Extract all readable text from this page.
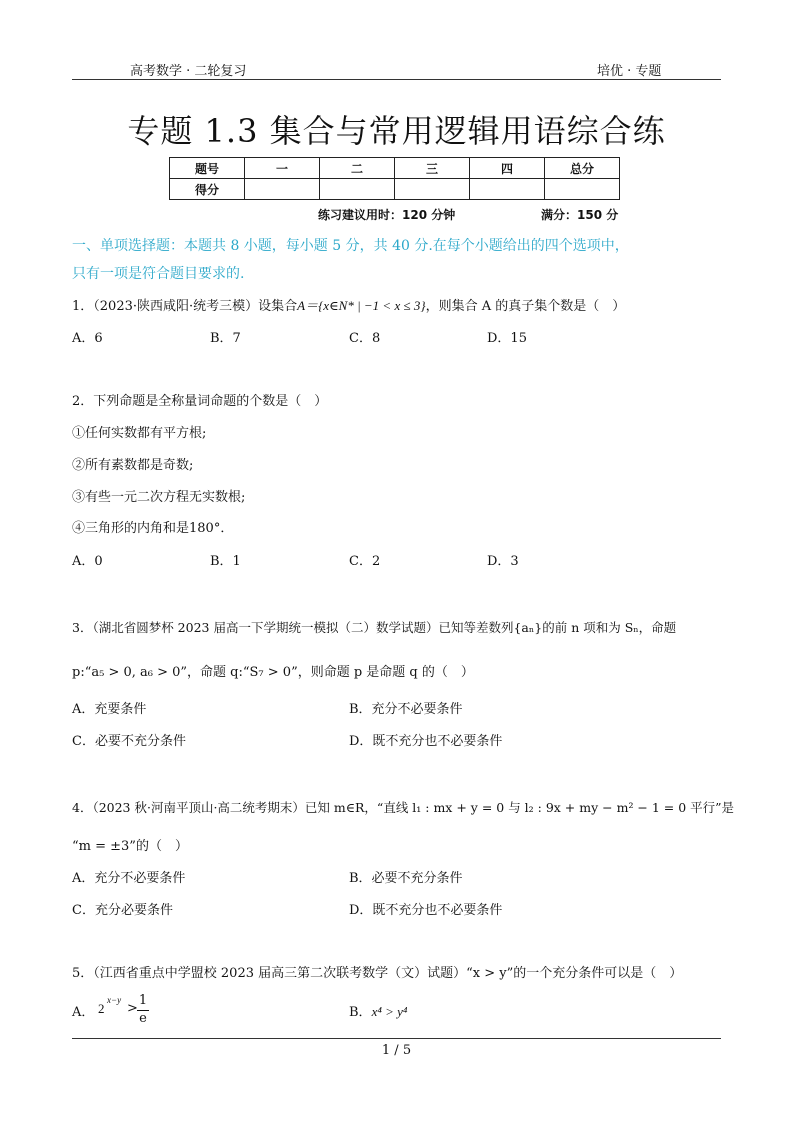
高考数学 · 二轮复习	培优 · 专题
专题 1.3 集合与常用逻辑用语综合练
题号	一	二	三	四	总分
得分					
练习建议用时：120 分钟	满分：150 分
一、单项选择题：本题共 8 小题，每小题 5 分，共 40 分.在每个小题给出的四个选项中，
只有一项是符合题目要求的.
1．（2023·陕西咸阳·统考三模）设集合A＝{x∈N* | −1 < x ≤ 3}，则集合 A 的真子集个数是（　）
A．6	B．7	C．8	D．15
2．下列命题是全称量词命题的个数是（　）
①任何实数都有平方根;
②所有素数都是奇数;
③有些一元二次方程无实数根;
④三角形的内角和是180°．
A．0	B．1	C．2	D．3
3．（湖北省圆梦杯 2023 届高一下学期统一模拟（二）数学试题）已知等差数列{aₙ}的前 n 项和为 Sₙ，命题
p:“a₅ > 0, a₆ > 0”，命题 q:“S₇ > 0”，则命题 p 是命题 q 的（　）
A．充要条件	B．充分不必要条件
C．必要不充分条件	D．既不充分也不必要条件
4．（2023 秋·河南平顶山·高二统考期末）已知 m∈R，“直线 l₁ : mx + y = 0 与 l₂ : 9x + my − m² − 1 = 0 平行”是
“m = ±3”的（　）
A．充分不必要条件	B．必要不充分条件
C．充分必要条件	D．既不充分也不必要条件
5．（江西省重点中学盟校 2023 届高三第二次联考数学（文）试题）“x > y”的一个充分条件可以是（　）
A． 2
x−y
>
1
e	B．x⁴ > y⁴
1 / 5
